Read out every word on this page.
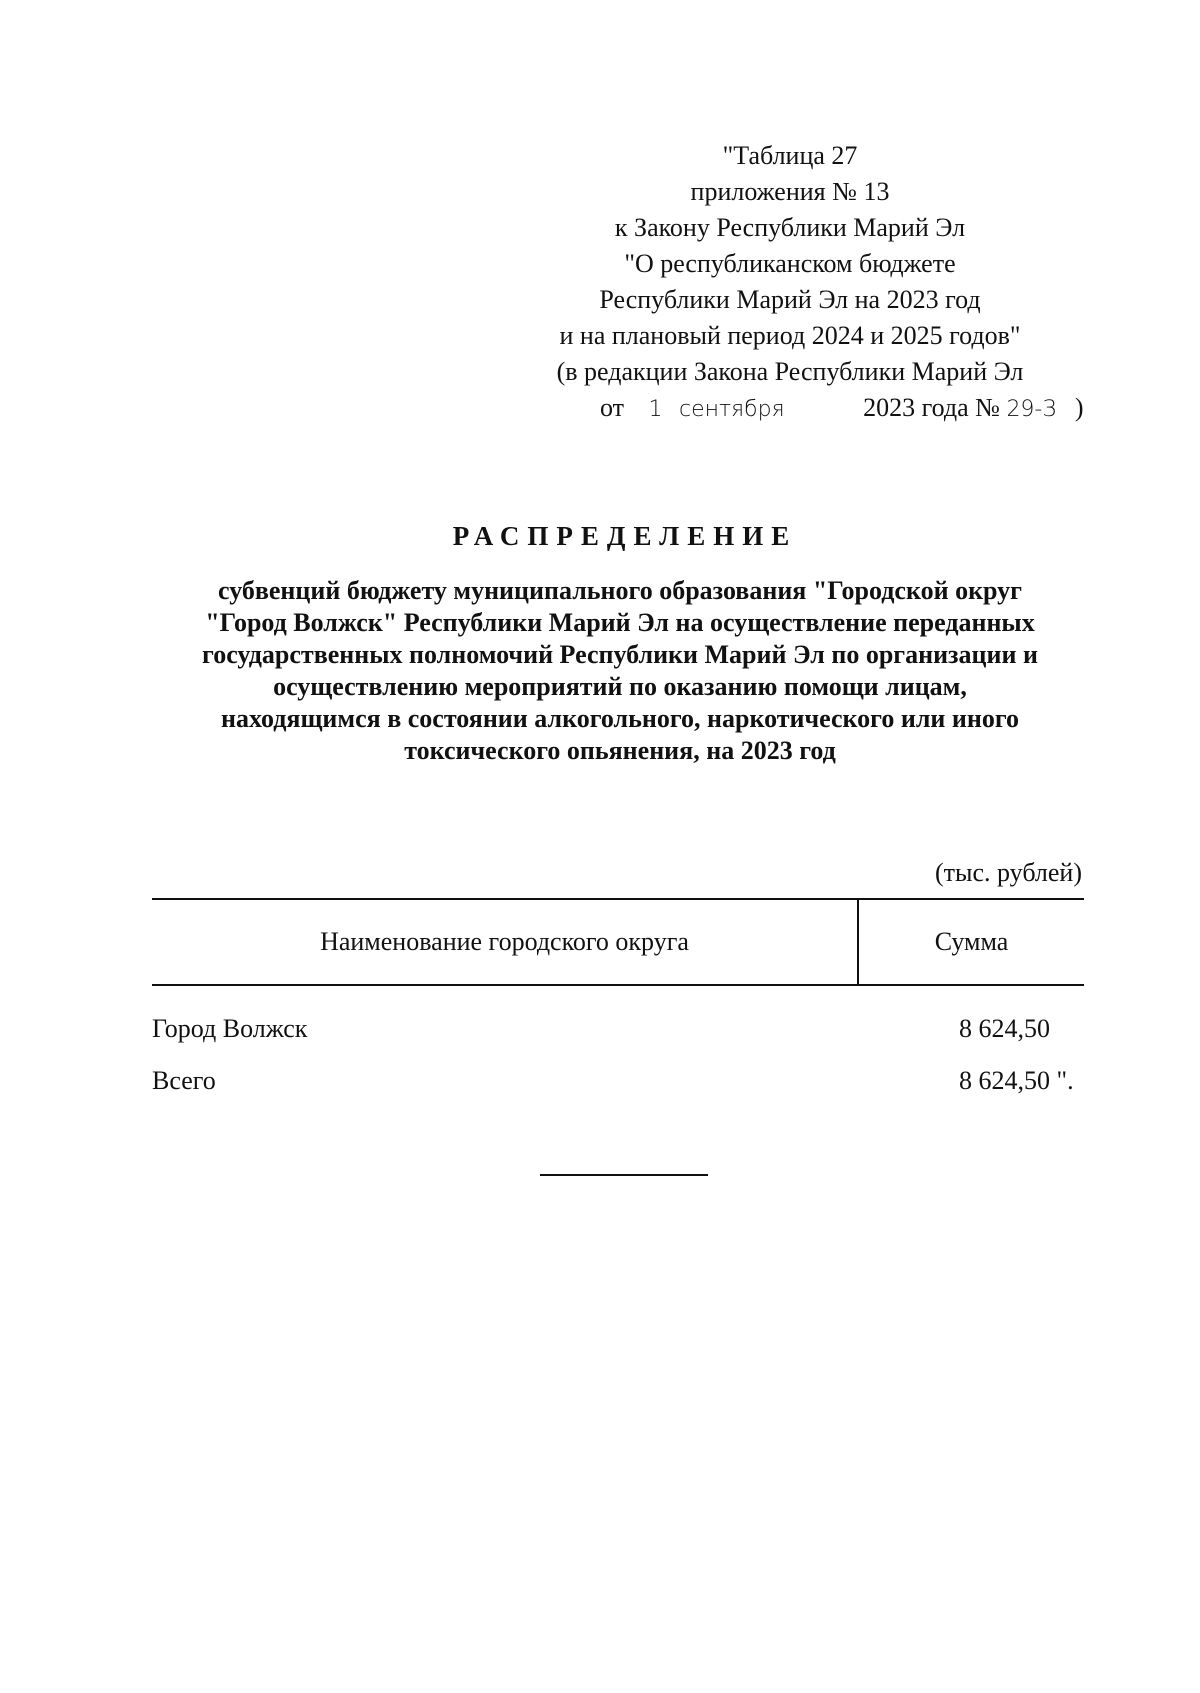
"Таблица 27
приложения № 13
к Закону Республики Марий Эл
"О республиканском бюджете
Республики Марий Эл на 2023 год
и на плановый период 2024 и 2025 годов"
(в редакции Закона Республики Марий Эл
от 1 сентября	2023 года № 29-З )
РАСПРЕДЕЛЕНИЕ
субвенций бюджету муниципального образования "Городской округ
"Город Волжск" Республики Марий Эл на осуществление переданных
государственных полномочий Республики Марий Эл по организации и
осуществлению мероприятий по оказанию помощи лицам,
находящимся в состоянии алкогольного, наркотического или иного
токсического опьянения, на 2023 год
(тыс. рублей)
Наименование городского округа	Сумма
Город Волжск	8 624,50
Всего	8 624,50 ".
